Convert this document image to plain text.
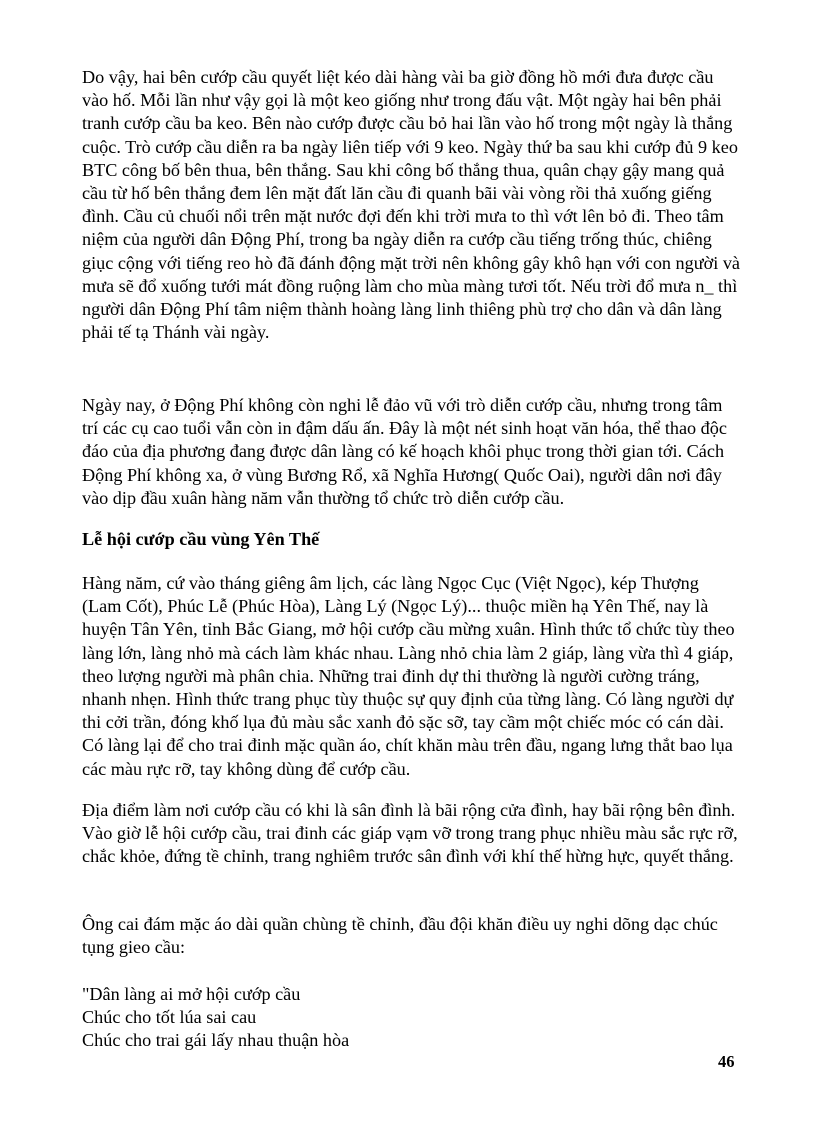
Do vậy, hai bên cướp cầu quyết liệt kéo dài hàng vài ba giờ đồng hồ mới đưa được cầu vào hố. Mỗi lần như vậy gọi là một keo giống như trong đấu vật. Một ngày hai bên phải tranh cướp cầu ba keo. Bên nào cướp được cầu bỏ hai lần vào hố trong một ngày là thắng cuộc. Trò cướp cầu diễn ra ba ngày liên tiếp với 9 keo. Ngày thứ ba sau khi cướp đủ 9 keo BTC công bố bên thua, bên thắng. Sau khi công bố thắng thua, quân chạy gậy mang quả cầu từ hố bên thắng đem lên mặt đất lăn cầu đi quanh bãi vài vòng rồi thả xuống giếng đình. Cầu củ chuối nổi trên mặt nước đợi đến khi trời mưa to thì vớt lên bỏ đi. Theo tâm niệm của người dân Động Phí, trong ba ngày diễn ra cướp cầu tiếng trống thúc, chiêng giục cộng với tiếng reo hò đã đánh động mặt trời nên không gây khô hạn với con người và mưa sẽ đổ xuống tưới mát đồng ruộng làm cho mùa màng tươi tốt. Nếu trời đổ mưa n_ thì người dân Động Phí tâm niệm thành hoàng làng linh thiêng phù trợ cho dân và dân làng phải tế tạ Thánh vài ngày.

Ngày nay, ở Động Phí không còn nghi lễ đảo vũ với trò diễn cướp cầu, nhưng trong tâm trí các cụ cao tuổi vẫn còn in đậm dấu ấn. Đây là một nét sinh hoạt văn hóa, thể thao độc đáo của địa phương đang được dân làng có kế hoạch khôi phục trong thời gian tới. Cách Động Phí không xa, ở vùng Bương Rổ, xã Nghĩa Hương( Quốc Oai), người dân nơi đây vào dịp đầu xuân hàng năm vẫn thường tổ chức trò diễn cướp cầu.

Lễ hội cướp cầu vùng Yên Thế

Hàng năm, cứ vào tháng giêng âm lịch, các làng Ngọc Cục (Việt Ngọc), kép Thượng (Lam Cốt), Phúc Lễ (Phúc Hòa), Làng Lý (Ngọc Lý)... thuộc miền hạ Yên Thế, nay là huyện Tân Yên, tỉnh Bắc Giang, mở hội cướp cầu mừng xuân. Hình thức tổ chức tùy theo làng lớn, làng nhỏ mà cách làm khác nhau. Làng nhỏ chia làm 2 giáp, làng vừa thì 4 giáp, theo lượng người mà phân chia. Những trai đinh dự thi thường là người cường tráng, nhanh nhẹn. Hình thức trang phục tùy thuộc sự quy định của từng làng. Có làng người dự thi cởi trần, đóng khố lụa đủ màu sắc xanh đỏ sặc sỡ, tay cầm một chiếc móc có cán dài. Có làng lại để cho trai đinh mặc quần áo, chít khăn màu trên đầu, ngang lưng thắt bao lụa các màu rực rỡ, tay không dùng để cướp cầu.

Địa điểm làm nơi cướp cầu có khi là sân đình là bãi rộng cửa đình, hay bãi rộng bên đình. Vào giờ lễ hội cướp cầu, trai đinh các giáp vạm vỡ trong trang phục nhiều màu sắc rực rỡ, chắc khỏe, đứng tề chỉnh, trang nghiêm trước sân đình với khí thế hừng hực, quyết thắng.

Ông cai đám mặc áo dài quần chùng tề chỉnh, đầu đội khăn điều uy nghi dõng dạc chúc tụng gieo cầu:

"Dân làng ai mở hội cướp cầu
Chúc cho tốt lúa sai cau
Chúc cho trai gái lấy nhau thuận hòa

46
